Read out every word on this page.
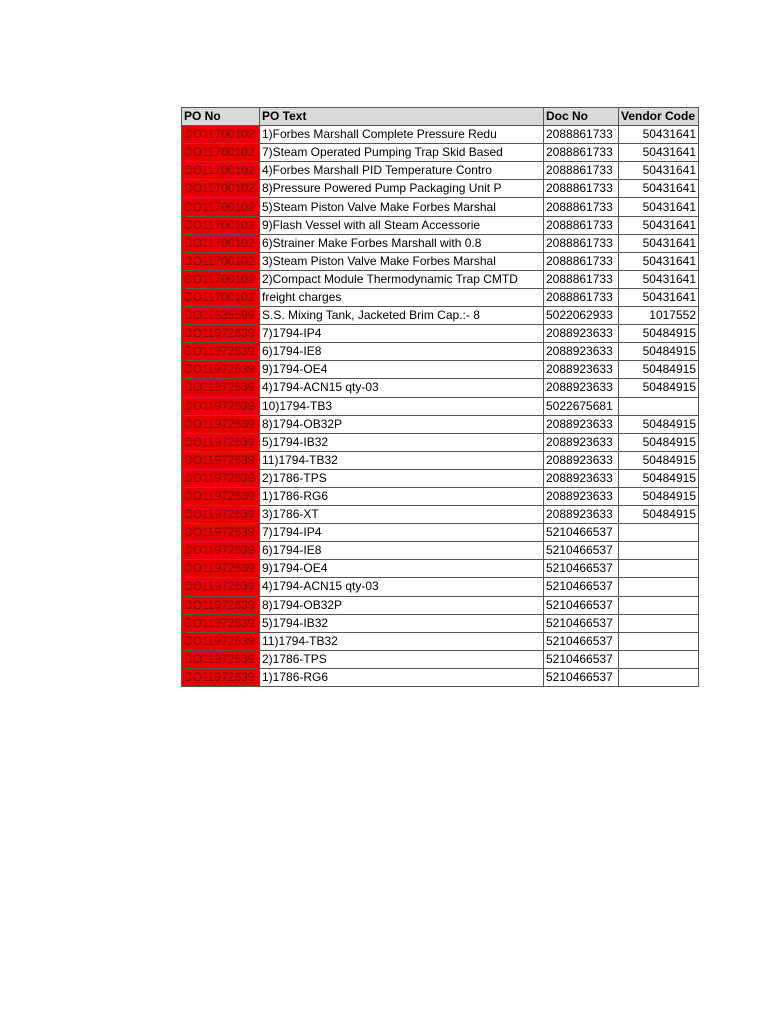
PO No	PO Text	Doc No	Vendor Code
DO11700102	1)Forbes Marshall Complete Pressure Redu	2088861733	50431641
DO11700102	7)Steam Operated Pumping Trap Skid Based	2088861733	50431641
DO11700102	4)Forbes Marshall PID Temperature Contro	2088861733	50431641
DO11700102	8)Pressure Powered Pump Packaging Unit P	2088861733	50431641
DO11700102	5)Steam Piston Valve Make Forbes Marshal	2088861733	50431641
DO11700102	9)Flash Vessel with all Steam Accessorie	2088861733	50431641
DO11700102	6)Strainer Make Forbes Marshall with 0.8	2088861733	50431641
DO11700102	3)Steam Piston Valve Make Forbes Marshal	2088861733	50431641
DO11700102	2)Compact Module Thermodynamic Trap CMTD	2088861733	50431641
DO11700102	freight charges	2088861733	50431641
DO11635599	S.S. Mixing Tank, Jacketed Brim Cap.:- 8	5022062933	1017552
DO11972639	7)1794-IP4	2088923633	50484915
DO11972639	6)1794-IE8	2088923633	50484915
DO11972639	9)1794-OE4	2088923633	50484915
DO11972639	4)1794-ACN15 qty-03	2088923633	50484915
DO11972639	10)1794-TB3	5022675681	
DO11972639	8)1794-OB32P	2088923633	50484915
DO11972639	5)1794-IB32	2088923633	50484915
DO11972639	11)1794-TB32	2088923633	50484915
DO11972639	2)1786-TPS	2088923633	50484915
DO11972639	1)1786-RG6	2088923633	50484915
DO11972639	3)1786-XT	2088923633	50484915
DO11972639	7)1794-IP4	5210466537	
DO11972639	6)1794-IE8	5210466537	
DO11972639	9)1794-OE4	5210466537	
DO11972639	4)1794-ACN15 qty-03	5210466537	
DO11972639	8)1794-OB32P	5210466537	
DO11972639	5)1794-IB32	5210466537	
DO11972639	11)1794-TB32	5210466537	
DO11972639	2)1786-TPS	5210466537	
DO11972639	1)1786-RG6	5210466537	
